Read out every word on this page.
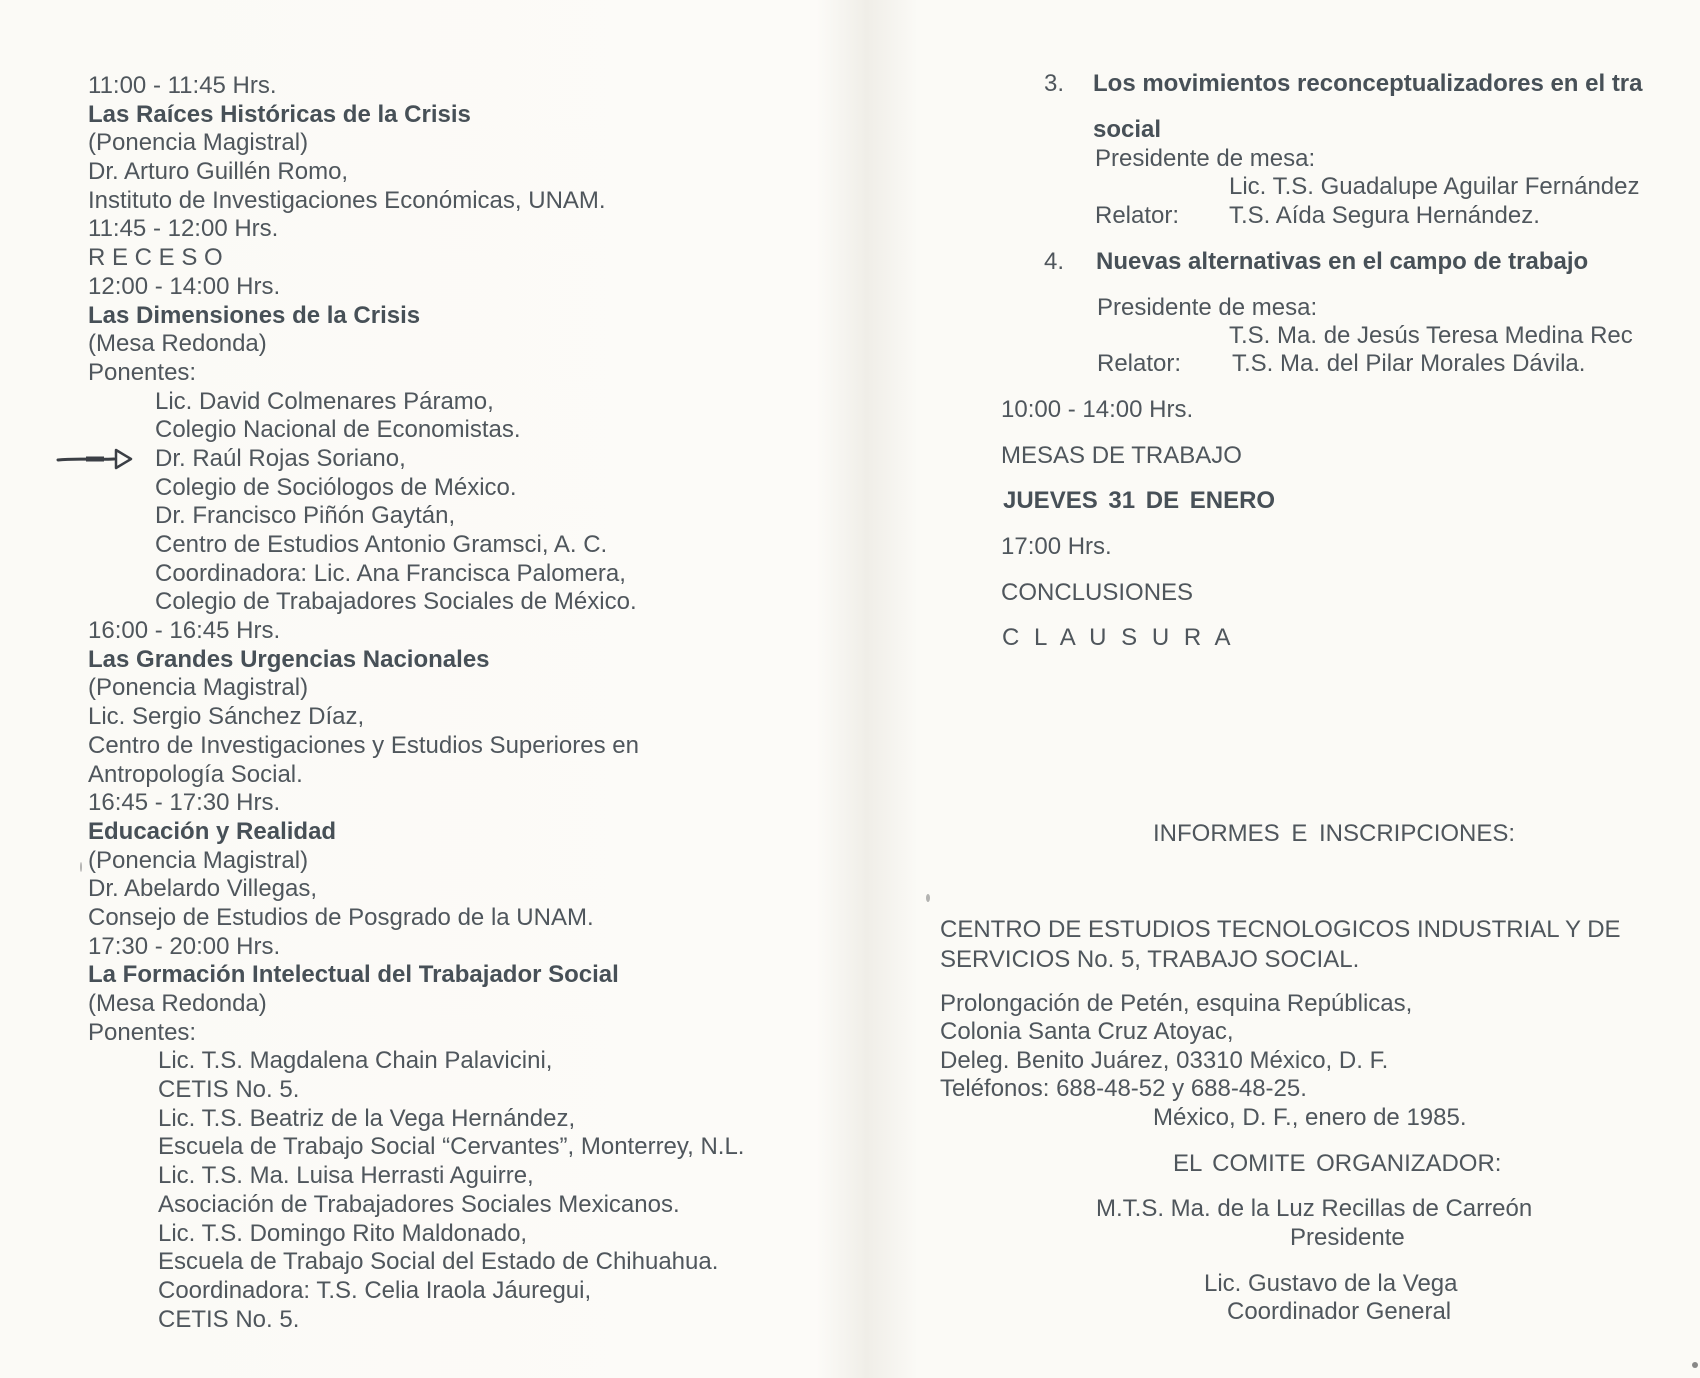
11:00 - 11:45 Hrs.
Las Raíces Históricas de la Crisis
(Ponencia Magistral)
Dr. Arturo Guillén Romo,
Instituto de Investigaciones Económicas, UNAM.
11:45 - 12:00 Hrs.
R E C E S O
12:00 - 14:00 Hrs.
Las Dimensiones de la Crisis
(Mesa Redonda)
Ponentes:
Lic. David Colmenares Páramo,
Colegio Nacional de Economistas.
Dr. Raúl Rojas Soriano,
Colegio de Sociólogos de México.
Dr. Francisco Piñón Gaytán,
Centro de Estudios Antonio Gramsci, A. C.
Coordinadora: Lic. Ana Francisca Palomera,
Colegio de Trabajadores Sociales de México.
16:00 - 16:45 Hrs.
Las Grandes Urgencias Nacionales
(Ponencia Magistral)
Lic. Sergio Sánchez Díaz,
Centro de Investigaciones y Estudios Superiores en
Antropología Social.
16:45 - 17:30 Hrs.
Educación y Realidad
(Ponencia Magistral)
Dr. Abelardo Villegas,
Consejo de Estudios de Posgrado de la UNAM.
17:30 - 20:00 Hrs.
La Formación Intelectual del Trabajador Social
(Mesa Redonda)
Ponentes:
Lic. T.S. Magdalena Chain Palavicini,
CETIS No. 5.
Lic. T.S. Beatriz de la Vega Hernández,
Escuela de Trabajo Social “Cervantes”, Monterrey, N.L.
Lic. T.S. Ma. Luisa Herrasti Aguirre,
Asociación de Trabajadores Sociales Mexicanos.
Lic. T.S. Domingo Rito Maldonado,
Escuela de Trabajo Social del Estado de Chihuahua.
Coordinadora: T.S. Celia Iraola Jáuregui,
CETIS No. 5.
3. Los movimientos reconceptualizadores en el tra
social
Presidente de mesa:
Lic. T.S. Guadalupe Aguilar Fernández
Relator: T.S. Aída Segura Hernández.
4. Nuevas alternativas en el campo de trabajo
Presidente de mesa:
T.S. Ma. de Jesús Teresa Medina Rec
Relator: T.S. Ma. del Pilar Morales Dávila.
10:00 - 14:00 Hrs.
MESAS DE TRABAJO
JUEVES 31 DE ENERO
17:00 Hrs.
CONCLUSIONES
C L A U S U R A
INFORMES E INSCRIPCIONES:
CENTRO DE ESTUDIOS TECNOLOGICOS INDUSTRIAL Y DE
SERVICIOS No. 5, TRABAJO SOCIAL.
Prolongación de Petén, esquina Repúblicas,
Colonia Santa Cruz Atoyac,
Deleg. Benito Juárez, 03310 México, D. F.
Teléfonos: 688-48-52 y 688-48-25.
México, D. F., enero de 1985.
EL COMITE ORGANIZADOR:
M.T.S. Ma. de la Luz Recillas de Carreón
Presidente
Lic. Gustavo de la Vega
Coordinador General
